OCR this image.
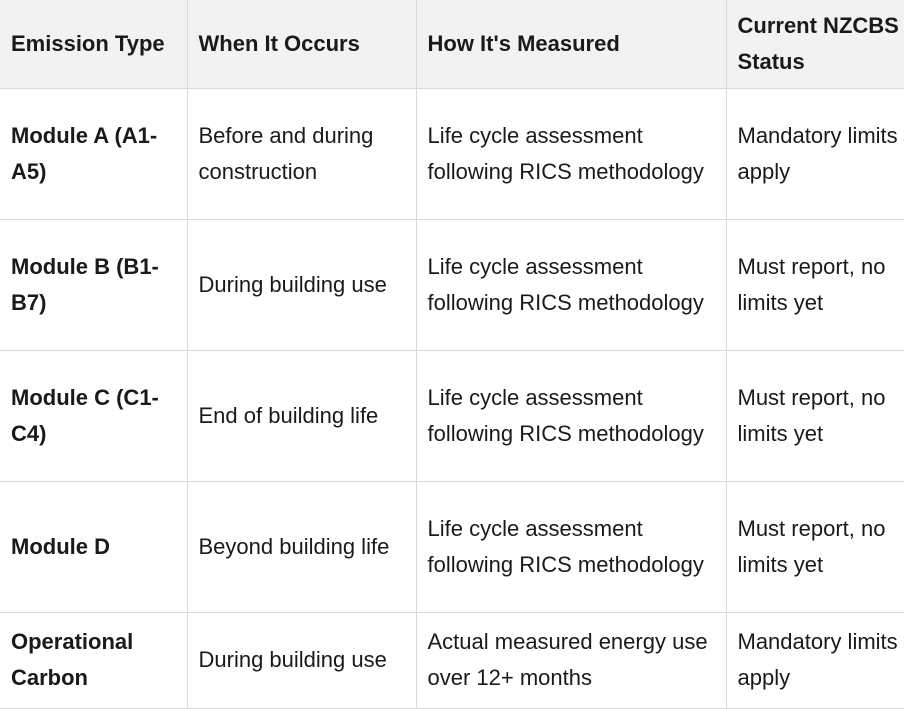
Emission Type	When It Occurs	How It's Measured	Current NZCBS Status
Module A (A1-A5)	Before and during construction	Life cycle assessment following RICS methodology	Mandatory limits apply
Module B (B1-B7)	During building use	Life cycle assessment following RICS methodology	Must report, no limits yet
Module C (C1-C4)	End of building life	Life cycle assessment following RICS methodology	Must report, no limits yet
Module D	Beyond building life	Life cycle assessment following RICS methodology	Must report, no limits yet
Operational Carbon	During building use	Actual measured energy use over 12+ months	Mandatory limits apply
